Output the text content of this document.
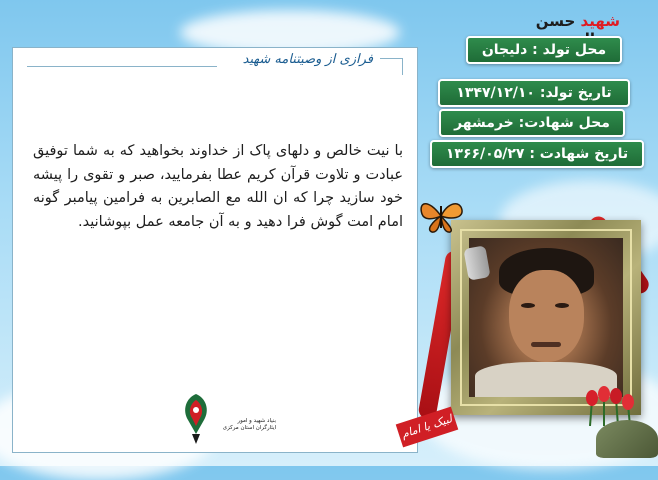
فرازی از وصیتنامه شهید
با نیت خالص و دلهای پاک از خداوند بخواهید که به شما توفیق عبادت و تلاوت قرآن کریم عطا بفرمایید، صبر و تقوی را پیشه خود سازید چرا که ان الله مع الصابرین به فرامین پیامبر گونه امام امت گوش فرا دهید و به آن جامعه عمل بپوشانید.
شهید حسن
محل تولد : دلیجان
تاریخ تولد: ۱۳۴۷/۱۲/۱۰
محل شهادت: خرمشهر
تاریخ شهادت : ۱۳۶۶/۰۵/۲۷
لبیک یا امام
بنیاد شهید و امور ایثارگران استان مرکزی
